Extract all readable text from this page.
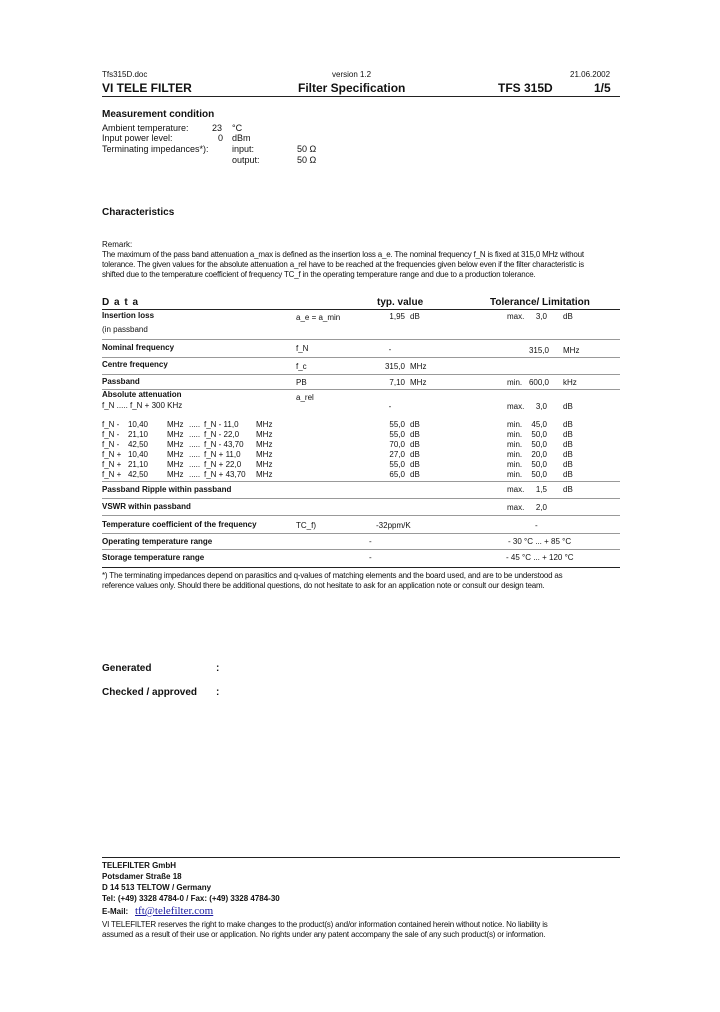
Tfs315D.doc	version 1.2	21.06.2002
VI TELE FILTER	Filter Specification	TFS 315D	1/5
Measurement condition
Ambient temperature:	23 °C
Input power level:	0 dBm
Terminating impedances*):	input:	50 Ω
output:	50 Ω
Characteristics
Remark:
The maximum of the pass band attenuation a_max is defined as the insertion loss a_e. The nominal frequency f_N is fixed at 315,0 MHz without
tolerance. The given values for the absolute attenuation a_rel have to be reached at the frequencies given below even if the filter characteristic is
shifted due to the temperature coefficient of frequency TC_f in the operating temperature range and due to a production tolerance.
D a t a	typ. value	Tolerance/ Limitation
Insertion loss	a_e = a_min	1,95 dB	max.	3,0 dB
(in passband
Nominal frequency	f_N	-	315,0 MHz
Centre frequency	f_c	315,0 MHz
Passband	PB	7,10 MHz	min. 600,0 kHz
Absolute attenuation	a_rel
f_N ..... f_N + 300 KHz	-	max.	3,0 dB
f_N -	10,40 MHz ..... f_N - 11,0 MHz	55,0 dB	min.	45,0 dB
f_N -	21,10 MHz ..... f_N - 22,0 MHz	55,0 dB	min.	50,0 dB
f_N -	42,50 MHz ..... f_N - 43,70 MHz	70,0 dB	min.	50,0 dB
f_N + 10,40 MHz ..... f_N + 11,0 MHz	27,0 dB	min.	20,0 dB
f_N + 21,10 MHz ..... f_N + 22,0 MHz	55,0 dB	min.	50,0 dB
f_N + 42,50 MHz ..... f_N + 43,70 MHz	65,0 dB	min.	50,0 dB
Passband Ripple within passband	max.	1,5 dB
VSWR within passband	max.	2,0
Temperature coefficient of the frequency	TC_f)	-32ppm/K	-
Operating temperature range	-	- 30 °C ... + 85 °C
Storage temperature range	-	- 45 °C ... + 120 °C
*) The terminating impedances depend on parasitics and q-values of matching elements and the board used, and are to be understood as
reference values only. Should there be additional questions, do not hesitate to ask for an application note or consult our design team.
Generated	:
Checked / approved :
TELEFILTER GmbH
Potsdamer Straße 18
D 14 513 TELTOW / Germany
Tel: (+49) 3328 4784-0 / Fax: (+49) 3328 4784-30
E-Mail: tft@telefilter.com
VI TELEFILTER reserves the right to make changes to the product(s) and/or information contained herein without notice. No liability is
assumed as a result of their use or application. No rights under any patent accompany the sale of any such product(s) or information.
